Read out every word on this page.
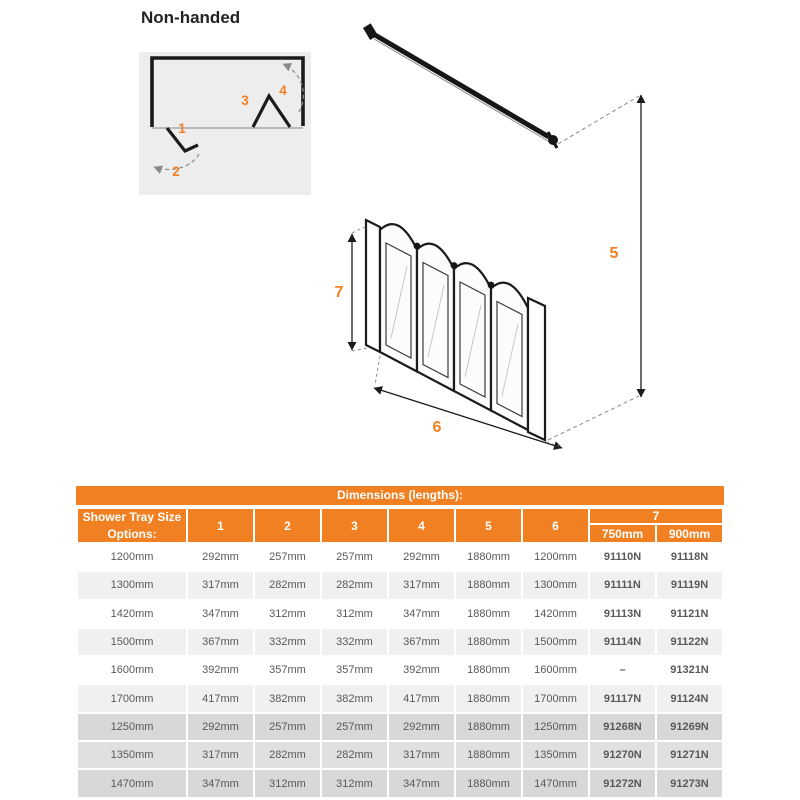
Non-handed
1
2
3
4
7
6
5
Dimensions (lengths):
Shower Tray Size Options:	1	2	3	4	5	6	7	
							750mm	900mm
1200mm	292mm	257mm	257mm	292mm	1880mm	1200mm	91110N	91118N
1300mm	317mm	282mm	282mm	317mm	1880mm	1300mm	91111N	91119N
1420mm	347mm	312mm	312mm	347mm	1880mm	1420mm	91113N	91121N
1500mm	367mm	332mm	332mm	367mm	1880mm	1500mm	91114N	91122N
1600mm	392mm	357mm	357mm	392mm	1880mm	1600mm	–	91321N
1700mm	417mm	382mm	382mm	417mm	1880mm	1700mm	91117N	91124N
1250mm	292mm	257mm	257mm	292mm	1880mm	1250mm	91268N	91269N
1350mm	317mm	282mm	282mm	317mm	1880mm	1350mm	91270N	91271N
1470mm	347mm	312mm	312mm	347mm	1880mm	1470mm	91272N	91273N
